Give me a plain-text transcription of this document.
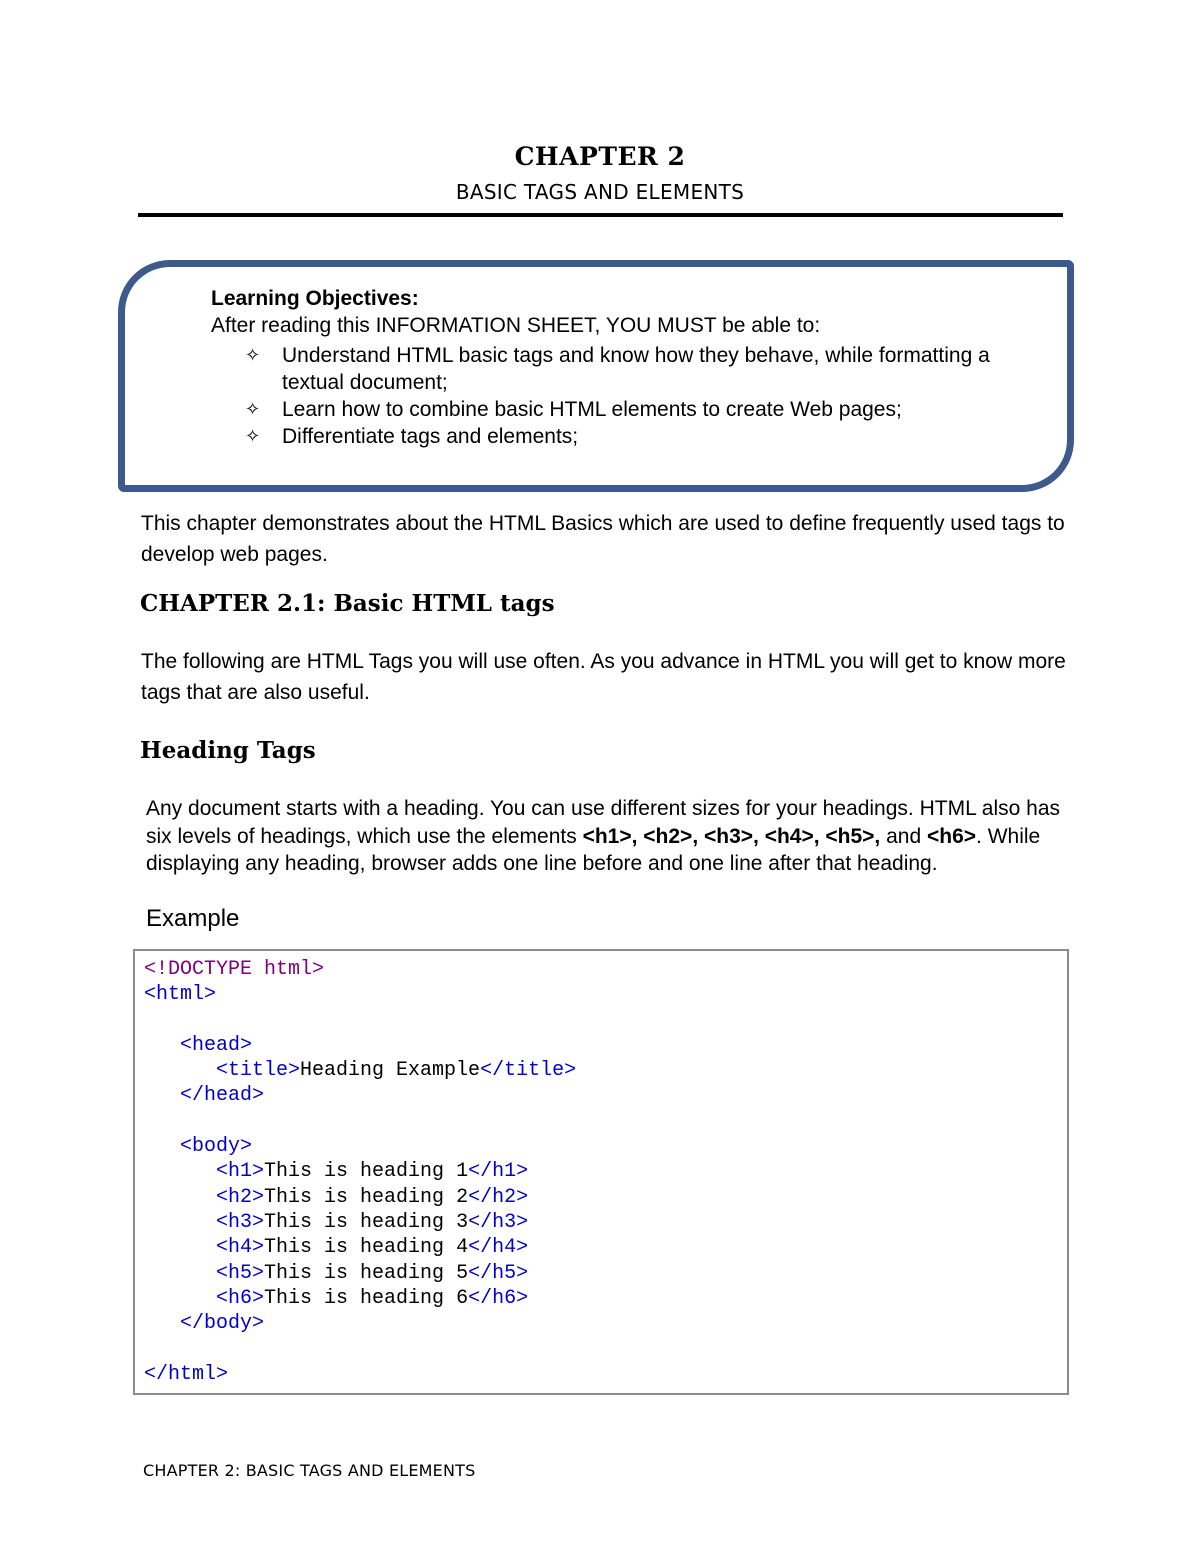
CHAPTER 2
BASIC TAGS AND ELEMENTS
Learning Objectives:
After reading this INFORMATION SHEET, YOU MUST be able to:
✧ Understand HTML basic tags and know how they behave, while formatting a textual document;
✧ Learn how to combine basic HTML elements to create Web pages;
✧ Differentiate tags and elements;
This chapter demonstrates about the HTML Basics which are used to define frequently used tags to develop web pages.
CHAPTER 2.1: Basic HTML tags
The following are HTML Tags you will use often. As you advance in HTML you will get to know more tags that are also useful.
Heading Tags
Any document starts with a heading. You can use different sizes for your headings. HTML also has six levels of headings, which use the elements <h1>, <h2>, <h3>, <h4>, <h5>, and <h6>. While displaying any heading, browser adds one line before and one line after that heading.
Example
<!DOCTYPE html>
<html>

<head>
<title>Heading Example</title>
</head>

<body>
<h1>This is heading 1</h1>
<h2>This is heading 2</h2>
<h3>This is heading 3</h3>
<h4>This is heading 4</h4>
<h5>This is heading 5</h5>
<h6>This is heading 6</h6>
</body>

</html>
CHAPTER 2: BASIC TAGS AND ELEMENTS
